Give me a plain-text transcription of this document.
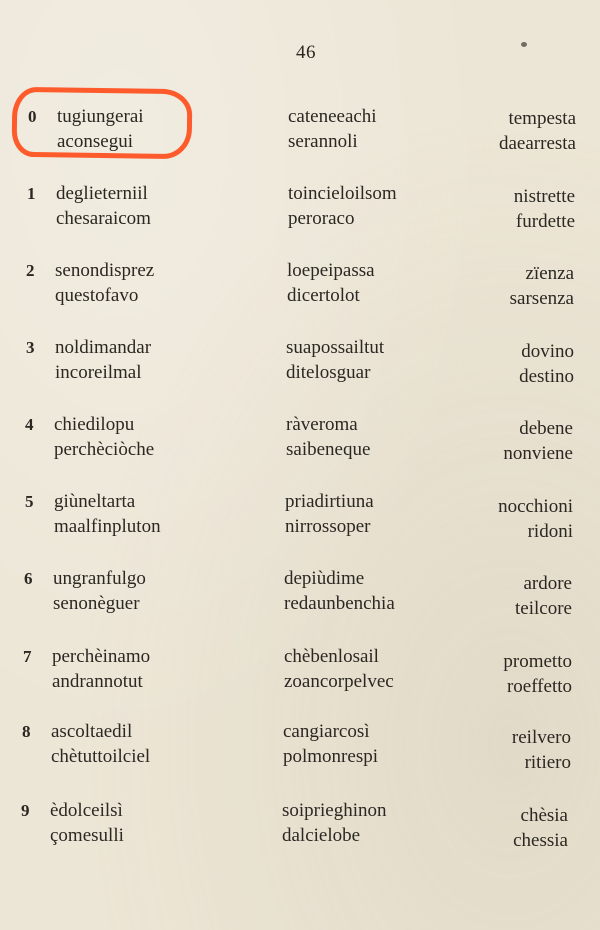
46
0 tugiungerai
aconsegui
cateneeachi
serannoli
tempesta
daearresta
1 deglieterniil
chesaraicom
toincieloilsom
peroraco
nistrette
furdette
2 senondisprez
questofavo
loepeipassa
dicertolot
zïenza
sarsenza
3 noldimandar
incoreilmal
suapossailtut
ditelosguar
dovino
destino
4 chiedilopu
perchèciòche
ràveroma
saibeneque
debene
nonviene
5 giùneltarta
maalfinpluton
priadirtiuna
nirrossoper
nocchioni
ridoni
6 ungranfulgo
senonèguer
depiùdime
redaunbenchia
ardore
teilcore
7 perchèinamo
andrannotut
chèbenlosail
zoancorpelvec
prometto
roeffetto
8 ascoltaedil
chètuttoilciel
cangiarcosì
polmonrespi
reilvero
ritiero
9 èdolceilsì
çomesulli
soiprieghinon
dalcielobe
chèsia
chessia
